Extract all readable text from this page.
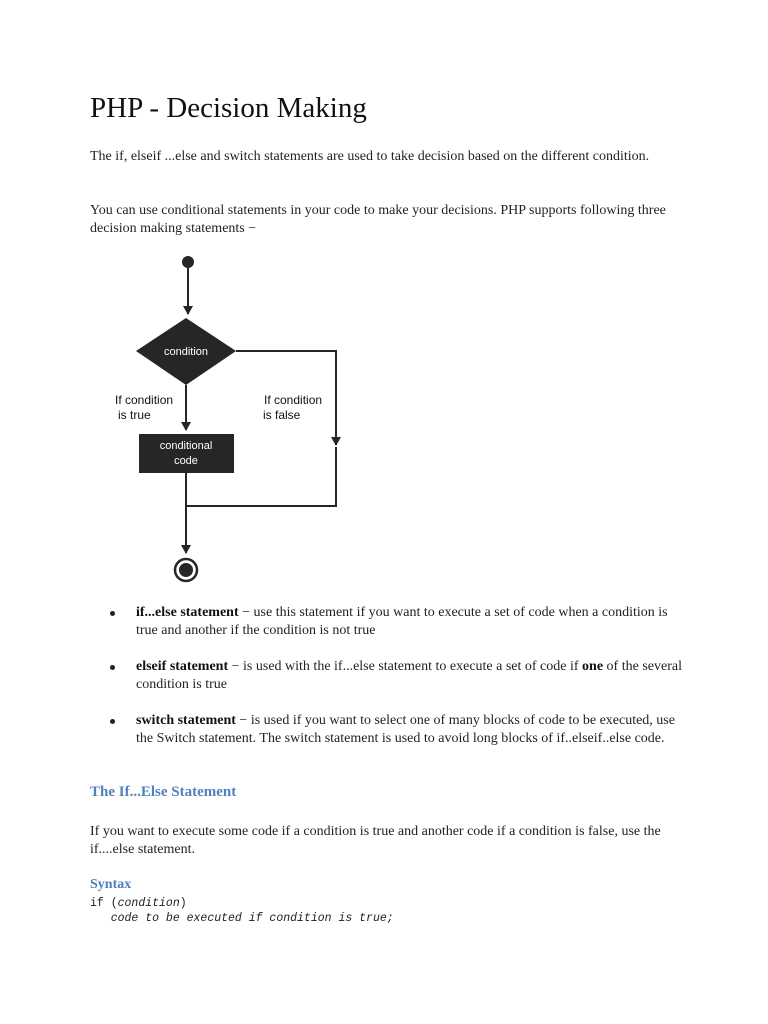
PHP - Decision Making

The if, elseif ...else and switch statements are used to take decision based on the different condition.

You can use conditional statements in your code to make your decisions. PHP supports following three decision making statements −

condition
If condition
is true
If condition
is false
conditional
code
if...else statement − use this statement if you want to execute a set of code when a condition is true and another if the condition is not true
elseif statement − is used with the if...else statement to execute a set of code if one of the several condition is true
switch statement − is used if you want to select one of many blocks of code to be executed, use the Switch statement. The switch statement is used to avoid long blocks of if..elseif..else code.
The If...Else Statement

If you want to execute some code if a condition is true and another code if a condition is false, use the if....else statement.

Syntax
if (condition)
code to be executed if condition is true;
